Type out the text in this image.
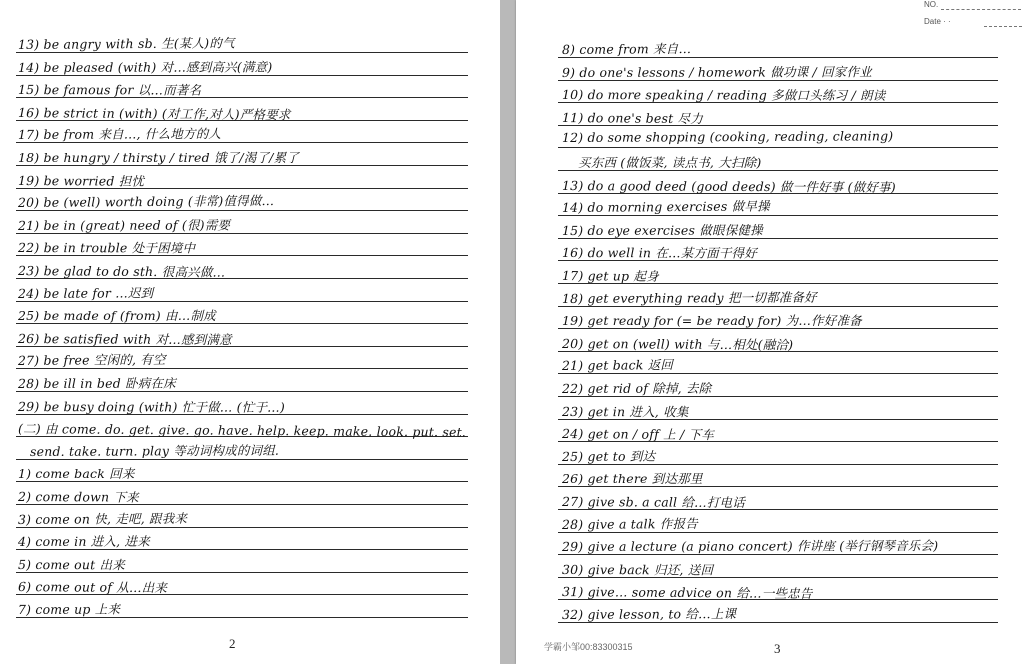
13) be angry with sb. 生(某人)的气
14) be pleased (with) 对…感到高兴(满意)
15) be famous for 以…而著名
16) be strict in (with) (对工作,对人)严格要求
17) be from 来自…, 什么地方的人
18) be hungry / thirsty / tired 饿了/渴了/累了
19) be worried 担忧
20) be (well) worth doing (非常)值得做…
21) be in (great) need of (很)需要
22) be in trouble 处于困境中
23) be glad to do sth. 很高兴做…
24) be late for …迟到
25) be made of (from) 由…制成
26) be satisfied with 对…感到满意
27) be free 空闲的, 有空
28) be ill in bed 卧病在床
29) be busy doing (with) 忙于做… (忙于…)
(二) 由 come. do. get. give. go. have. help. keep. make. look. put. set.
send. take. turn. play 等动词构成的词组.
1) come back 回来
2) come down 下来
3) come on 快, 走吧, 跟我来
4) come in 进入, 进来
5) come out 出来
6) come out of 从…出来
7) come up 上来
2
NO.
Date · ·
8) come from 来自…
9) do one's lessons / homework 做功课 / 回家作业
10) do more speaking / reading 多做口头练习 / 朗读
11) do one's best 尽力
12) do some shopping (cooking, reading, cleaning)
买东西 (做饭菜, 读点书, 大扫除)
13) do a good deed (good deeds) 做一件好事 (做好事)
14) do morning exercises 做早操
15) do eye exercises 做眼保健操
16) do well in 在…某方面干得好
17) get up 起身
18) get everything ready 把一切都准备好
19) get ready for (= be ready for) 为…作好准备
20) get on (well) with 与…相处(融洽)
21) get back 返回
22) get rid of 除掉, 去除
23) get in 进入, 收集
24) get on / off 上 / 下车
25) get to 到达
26) get there 到达那里
27) give sb. a call 给…打电话
28) give a talk 作报告
29) give a lecture (a piano concert) 作讲座 (举行钢琴音乐会)
30) give back 归还, 送回
31) give… some advice on 给…一些忠告
32) give lesson, to 给…上课
学霸小邹00:83300315	3
